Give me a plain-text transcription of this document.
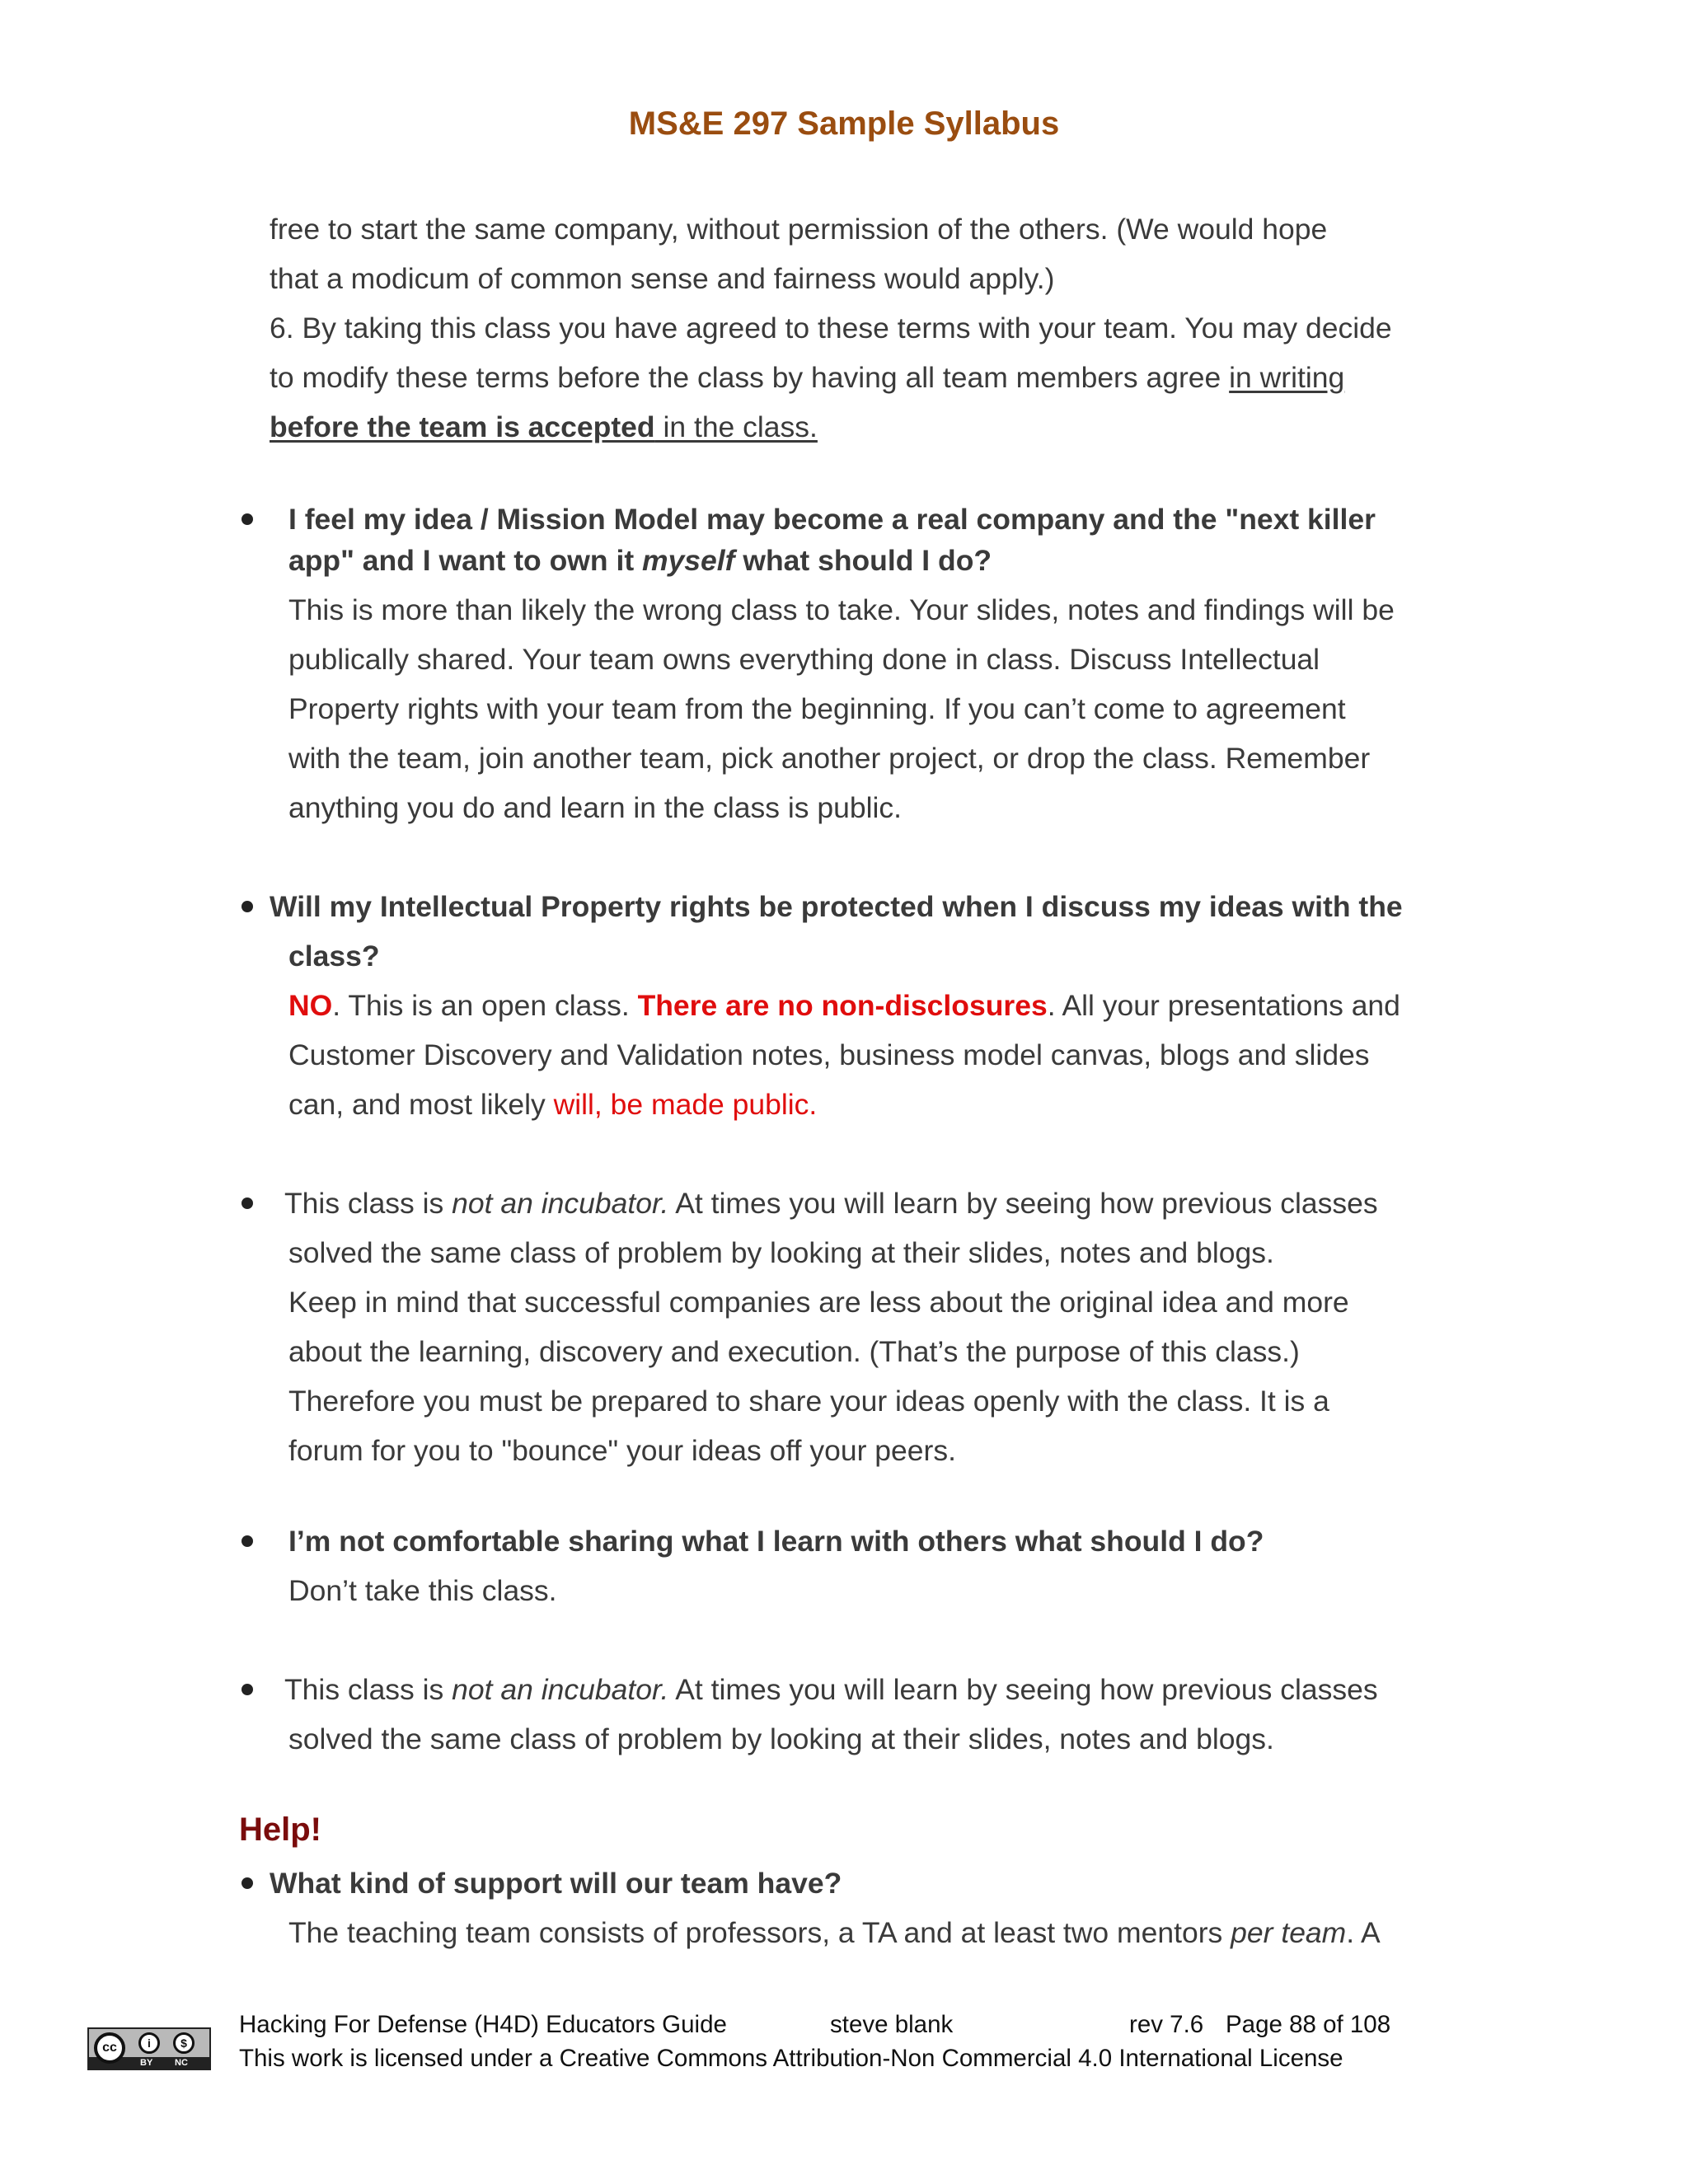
MS&E 297 Sample Syllabus
free to start the same company, without permission of the others. (We would hope
that a modicum of common sense and fairness would apply.)
6. By taking this class you have agreed to these terms with your team. You may decide
to modify these terms before the class by having all team members agree in writing
before the team is accepted in the class.
I feel my idea / Mission Model may become a real company and the "next killer
app" and I want to own it myself what should I do?
This is more than likely the wrong class to take. Your slides, notes and findings will be
publically shared. Your team owns everything done in class. Discuss Intellectual
Property rights with your team from the beginning. If you can’t come to agreement
with the team, join another team, pick another project, or drop the class. Remember
anything you do and learn in the class is public.
Will my Intellectual Property rights be protected when I discuss my ideas with the
class?
NO. This is an open class. There are no non-disclosures. All your presentations and
Customer Discovery and Validation notes, business model canvas, blogs and slides
can, and most likely will, be made public.
This class is not an incubator. At times you will learn by seeing how previous classes
solved the same class of problem by looking at their slides, notes and blogs.
Keep in mind that successful companies are less about the original idea and more
about the learning, discovery and execution. (That’s the purpose of this class.)
Therefore you must be prepared to share your ideas openly with the class. It is a
forum for you to "bounce" your ideas off your peers.
I’m not comfortable sharing what I learn with others what should I do?
Don’t take this class.
This class is not an incubator. At times you will learn by seeing how previous classes
solved the same class of problem by looking at their slides, notes and blogs.
Help!
What kind of support will our team have?
The teaching team consists of professors, a TA and at least two mentors per team. A
cc	i	$
BY NC
Hacking For Defense (H4D) Educators Guide	steve blank	rev 7.6 Page 88 of 108
This work is licensed under a Creative Commons Attribution-Non Commercial 4.0 International License
